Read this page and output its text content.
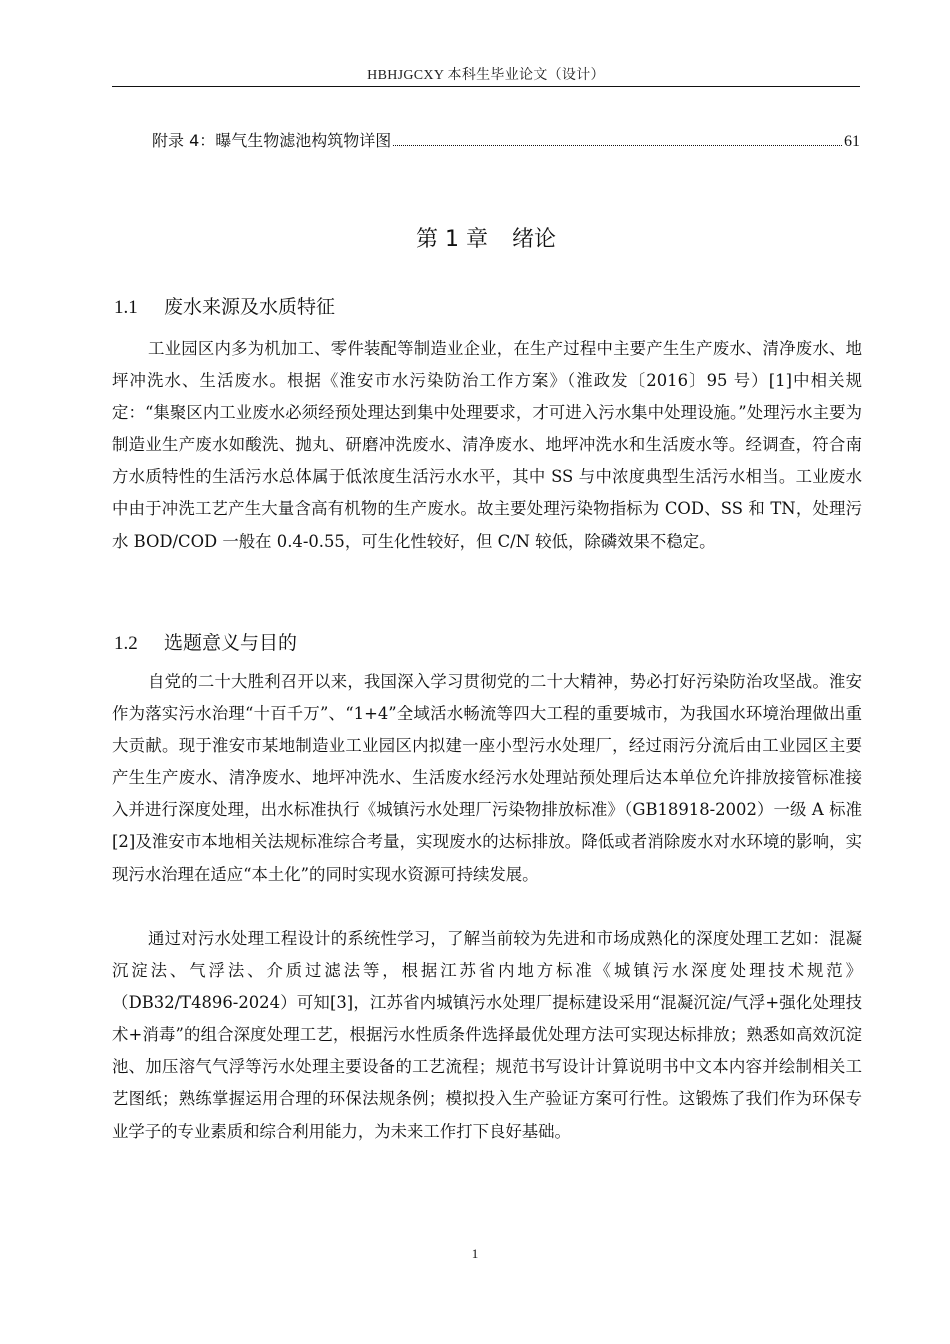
HBHJGCXY 本科生毕业论文（设计）
附录 4：曝气生物滤池构筑物详图	61
第 1 章 绪论
1.1 废水来源及水质特征

工业园区内多为机加工、零件装配等制造业企业，在生产过程中主要产生生产废水、清净废水、地坪冲洗水、生活废水。根据《淮安市水污染防治工作方案》（淮政发〔2016〕95 号）[1]中相关规定：“集聚区内工业废水必须经预处理达到集中处理要求，才可进入污水集中处理设施。”处理污水主要为制造业生产废水如酸洗、抛丸、研磨冲洗废水、清净废水、地坪冲洗水和生活废水等。经调查，符合南方水质特性的生活污水总体属于低浓度生活污水水平，其中 SS 与中浓度典型生活污水相当。工业废水中由于冲洗工艺产生大量含高有机物的生产废水。故主要处理污染物指标为 COD、SS 和 TN，处理污水 BOD/COD 一般在 0.4-0.55，可生化性较好，但 C/N 较低，除磷效果不稳定。

1.2 选题意义与目的

自党的二十大胜利召开以来，我国深入学习贯彻党的二十大精神，势必打好污染防治攻坚战。淮安作为落实污水治理“十百千万”、“1+4”全域活水畅流等四大工程的重要城市，为我国水环境治理做出重大贡献。现于淮安市某地制造业工业园区内拟建一座小型污水处理厂，经过雨污分流后由工业园区主要产生生产废水、清净废水、地坪冲洗水、生活废水经污水处理站预处理后达本单位允许排放接管标准接入并进行深度处理，出水标准执行《城镇污水处理厂污染物排放标准》（GB18918-2002）一级 A 标准[2]及淮安市本地相关法规标准综合考量，实现废水的达标排放。降低或者消除废水对水环境的影响，实现污水治理在适应“本土化”的同时实现水资源可持续发展。

通过对污水处理工程设计的系统性学习，了解当前较为先进和市场成熟化的深度处理工艺如：混凝沉淀法、气浮法、介质过滤法等，根据江苏省内地方标准《城镇污水深度处理技术规范》（DB32/T4896-2024）可知[3]，江苏省内城镇污水处理厂提标建设采用“混凝沉淀/气浮+强化处理技术+消毒”的组合深度处理工艺，根据污水性质条件选择最优处理方法可实现达标排放；熟悉如高效沉淀池、加压溶气气浮等污水处理主要设备的工艺流程；规范书写设计计算说明书中文本内容并绘制相关工艺图纸；熟练掌握运用合理的环保法规条例；模拟投入生产验证方案可行性。这锻炼了我们作为环保专业学子的专业素质和综合利用能力，为未来工作打下良好基础。

1
